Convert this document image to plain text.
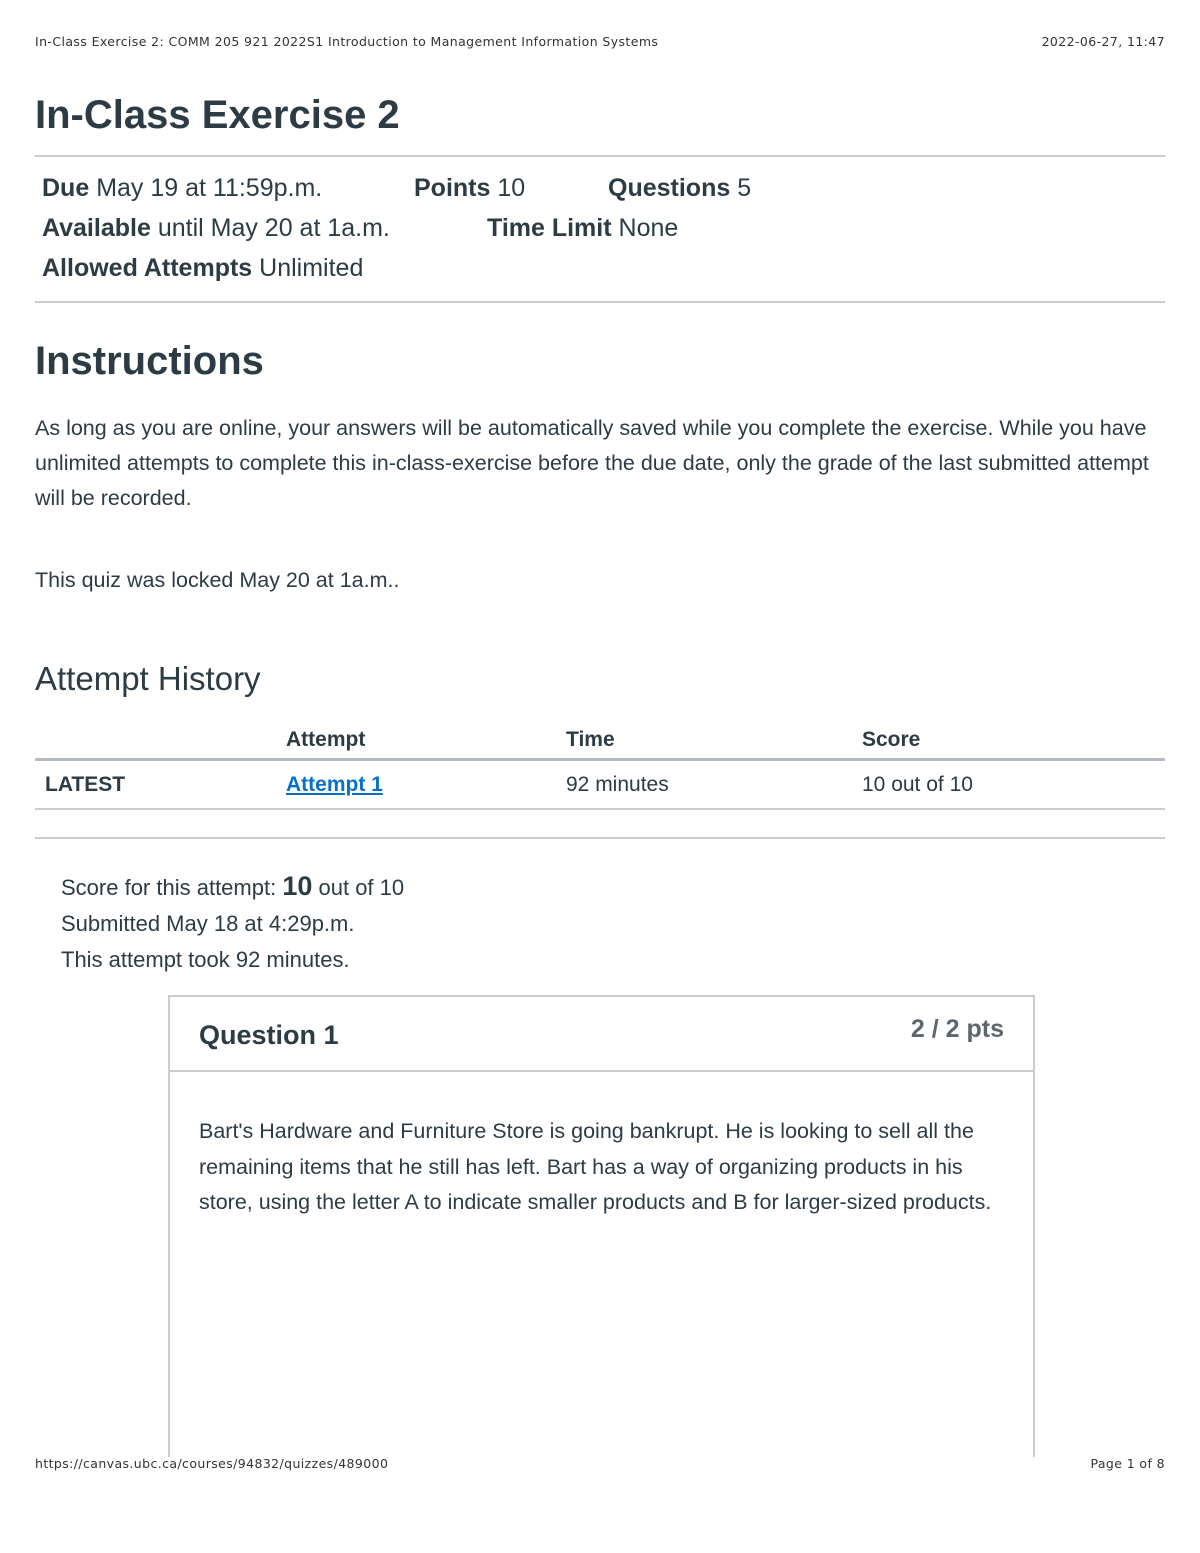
In-Class Exercise 2: COMM 205 921 2022S1 Introduction to Management Information Systems	2022-06-27, 11:47
In-Class Exercise 2
Due May 19 at 11:59p.m.	Points 10	Questions 5
Available until May 20 at 1a.m.	Time Limit None
Allowed Attempts Unlimited
Instructions
As long as you are online, your answers will be automatically saved while you complete the exercise. While you have unlimited attempts to complete this in-class-exercise before the due date, only the grade of the last submitted attempt will be recorded.
This quiz was locked May 20 at 1a.m..
Attempt History
	Attempt	Time	Score
LATEST	Attempt 1	92 minutes	10 out of 10
Score for this attempt: 10 out of 10
Submitted May 18 at 4:29p.m.
This attempt took 92 minutes.
Question 1	2 / 2 pts
Bart's Hardware and Furniture Store is going bankrupt. He is looking to sell all the remaining items that he still has left. Bart has a way of organizing products in his store, using the letter A to indicate smaller products and B for larger-sized products.
https://canvas.ubc.ca/courses/94832/quizzes/489000	Page 1 of 8
